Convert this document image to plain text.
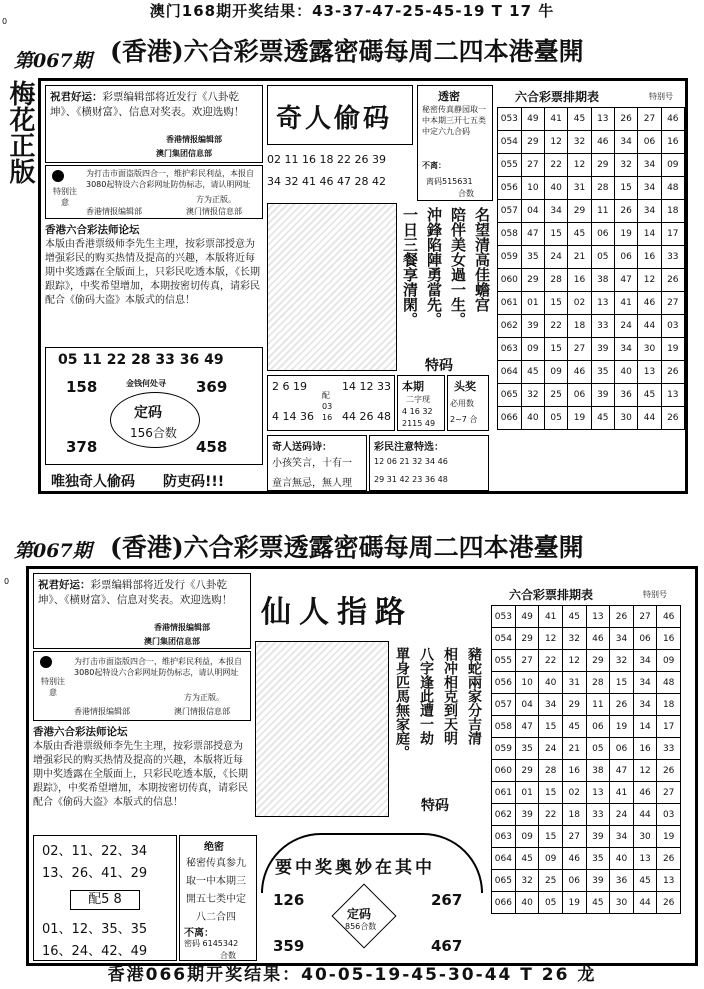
澳门168期开奖结果：43-37-47-25-45-19 T 17 牛
0
第067期 (香港)六合彩票透露密碼每周二四本港臺開
梅花正版 祝君好运：彩票编辑部将近发行《八卦乾坤》、《横财富》、信息对奖表。欢迎选购！
香港情报编辑部
澳门集团信息部
特别注意
为打击市面盗版四合一，维护彩民利益，本报自3080起特设六合彩网址防伪标志，请认明网址
香港情报编辑部
方为正版。
澳门情报信息部
香港六合彩法师论坛
本版由香港票级师李先生主理，按彩票部授意为增强彩民的购买热情及提高的兴趣，本版将近每期中奖透露在全版面上，只彩民吃透本版，《长期跟踪》，中奖希望增加，本期按密切传真，请彩民配合《偷码大盗》本版式的信息！
05 11 22 28 33 36 49
158	369
金钱何处寻
定码
156合数
378	458
唯独奇人偷码　　防吏码!!!
奇人偷码
02 11 16 18 22 26 39
34 32 41 46 47 28 42
一日三餐享清閑。 沖鋒陷陣勇當先。 陪伴美女過一生。 名望清高佳蟾宫
特码
2 6 19	14 12 33
配03 16
4 14 36	44 26 48
本期
二字现
4 16 32
2115 49
头奖
必用数
2~7 合
奇人送码诗：
小孩笑言，十有一
童言無忌，無人理
彩民注意特选：
12 06 21 32 34 46
29 31 42 23 36 48
透密
秘密传真静园取一中本期三开七五类中定六九合码
不离：
离码515631
合数
六合彩票排期表	特别号
053	49	41	45	13	26	27	46
054	29	12	32	46	34	06	16
055	27	22	12	29	32	34	09
056	10	40	31	28	15	34	48
057	04	34	29	11	26	34	18
058	47	15	45	06	19	14	17
059	35	24	21	05	06	16	33
060	29	28	16	38	47	12	26
061	01	15	02	13	41	46	27
062	39	22	18	33	24	44	03
063	09	15	27	39	34	30	19
064	45	09	46	35	40	13	26
065	32	25	06	39	36	45	13
066	40	05	19	45	30	44	26
0
第067期 (香港)六合彩票透露密碼每周二四本港臺開
祝君好运：彩票编辑部将近发行《八卦乾坤》、《横财富》、信息对奖表。欢迎选购！
香港情报编辑部
澳门集团信息部
特别注意
为打击市面盗版四合一，维护彩民利益，本报自3080起特设六合彩网址防伪标志，请认明网址
香港情报编辑部
方为正版。
澳门情报信息部
香港六合彩法师论坛
本版由香港票级师李先生主理，按彩票部授意为增强彩民的购买热情及提高的兴趣，本版将近每期中奖透露在全版面上，只彩民吃透本版，《长期跟踪》，中奖希望增加，本期按密切传真，请彩民配合《偷码大盗》本版式的信息！
02、11、22、34
13、26、41、29
配5 8
01、12、35、35
16、24、42、49
绝密
秘密传真参九
取一中本期三
開五七类中定
八二合四
不离：
密码 6145342
合数
仙人指路
單身匹馬無家庭。 八字逢此遭一劫 相冲相克到天明 豬蛇兩家分吉清
特码
要中奖奥妙在其中
126	267
定码
856合数
359	467
六合彩票排期表	特别号
053	49	41	45	13	26	27	46
054	29	12	32	46	34	06	16
055	27	22	12	29	32	34	09
056	10	40	31	28	15	34	48
057	04	34	29	11	26	34	18
058	47	15	45	06	19	14	17
059	35	24	21	05	06	16	33
060	29	28	16	38	47	12	26
061	01	15	02	13	41	46	27
062	39	22	18	33	24	44	03
063	09	15	27	39	34	30	19
064	45	09	46	35	40	13	26
065	32	25	06	39	36	45	13
066	40	05	19	45	30	44	26
香港066期开奖结果：40-05-19-45-30-44 T 26 龙
